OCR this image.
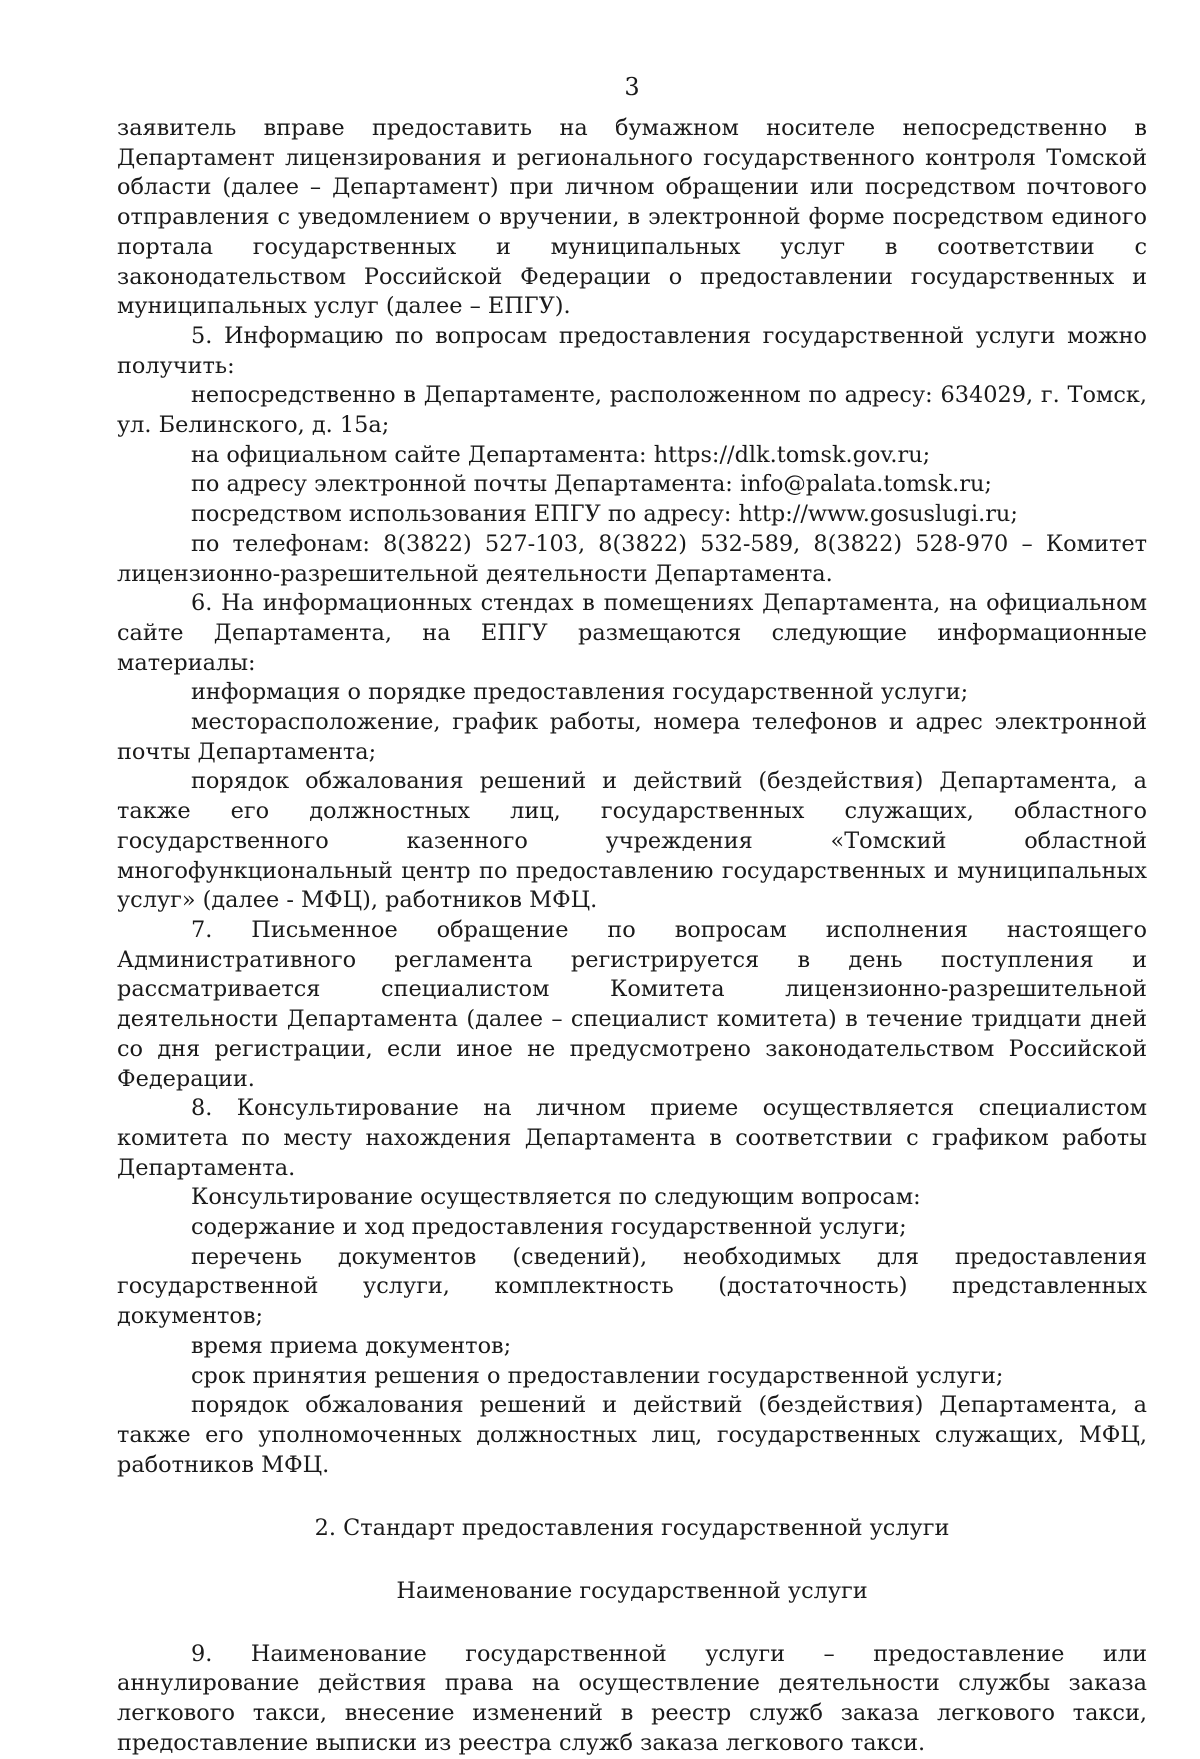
3

заявитель вправе предоставить на бумажном носителе непосредственно в Департамент лицензирования и регионального государственного контроля Томской области (далее – Департамент) при личном обращении или посредством почтового отправления с уведомлением о вручении, в электронной форме посредством единого портала государственных и муниципальных услуг в соответствии с законодательством Российской Федерации о предоставлении государственных и муниципальных услуг (далее – ЕПГУ).

5. Информацию по вопросам предоставления государственной услуги можно получить:

непосредственно в Департаменте, расположенном по адресу: 634029, г. Томск, ул. Белинского, д. 15а;

на официальном сайте Департамента: https://dlk.tomsk.gov.ru;

по адресу электронной почты Департамента: info@palata.tomsk.ru;

посредством использования ЕПГУ по адресу: http://www.gosuslugi.ru;

по телефонам: 8(3822) 527-103, 8(3822) 532-589, 8(3822) 528-970 – Комитет лицензионно-разрешительной деятельности Департамента.

6. На информационных стендах в помещениях Департамента, на официальном сайте Департамента, на ЕПГУ размещаются следующие информационные материалы:

информация о порядке предоставления государственной услуги;

месторасположение, график работы, номера телефонов и адрес электронной почты Департамента;

порядок обжалования решений и действий (бездействия) Департамента, а также его должностных лиц, государственных служащих, областного государственного казенного учреждения «Томский областной многофункциональный центр по предоставлению государственных и муниципальных услуг» (далее - МФЦ), работников МФЦ.

7. Письменное обращение по вопросам исполнения настоящего Административного регламента регистрируется в день поступления и рассматривается специалистом Комитета лицензионно-разрешительной деятельности Департамента (далее – специалист комитета) в течение тридцати дней со дня регистрации, если иное не предусмотрено законодательством Российской Федерации.

8. Консультирование на личном приеме осуществляется специалистом комитета по месту нахождения Департамента в соответствии с графиком работы Департамента.

Консультирование осуществляется по следующим вопросам:

содержание и ход предоставления государственной услуги;

перечень документов (сведений), необходимых для предоставления государственной услуги, комплектность (достаточность) представленных документов;

время приема документов;

срок принятия решения о предоставлении государственной услуги;

порядок обжалования решений и действий (бездействия) Департамента, а также его уполномоченных должностных лиц, государственных служащих, МФЦ, работников МФЦ.

2. Стандарт предоставления государственной услуги

Наименование государственной услуги

9. Наименование государственной услуги – предоставление или аннулирование действия права на осуществление деятельности службы заказа легкового такси, внесение изменений в реестр служб заказа легкового такси, предоставление выписки из реестра служб заказа легкового такси.
